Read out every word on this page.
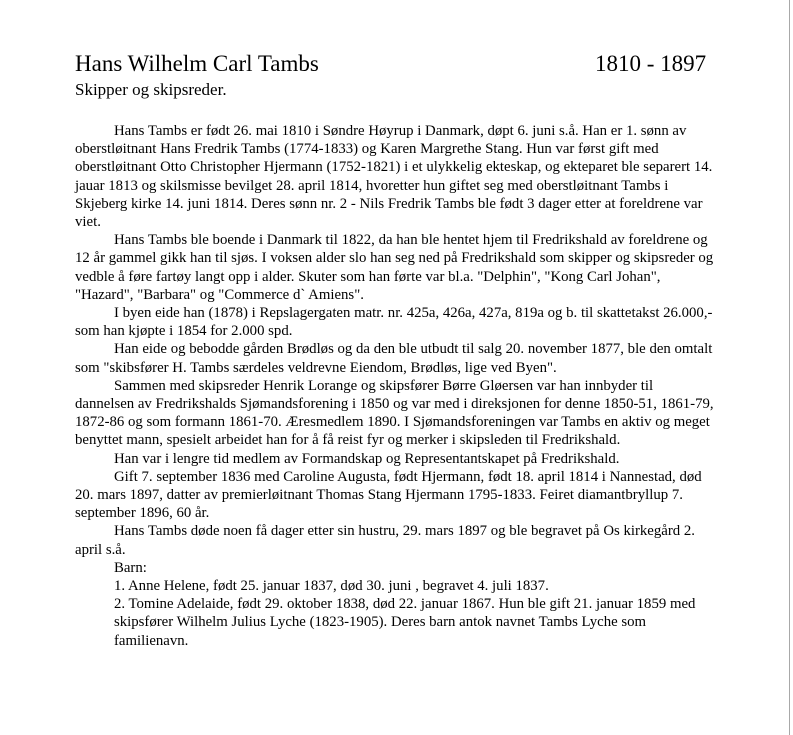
Hans Wilhelm Carl Tambs	1810 - 1897
Skipper og skipsreder.

Hans Tambs er født 26. mai 1810 i Søndre Høyrup i Danmark, døpt 6. juni s.å. Han er 1. sønn av oberstløitnant Hans Fredrik Tambs (1774-1833) og Karen Margrethe Stang. Hun var først gift med oberstløitnant Otto Christopher Hjermann (1752-1821) i et ulykkelig ekteskap, og ekteparet ble separert 14. jauar 1813 og skilsmisse bevilget 28. april 1814, hvoretter hun giftet seg med oberstløitnant Tambs i Skjeberg kirke 14. juni 1814. Deres sønn nr. 2 - Nils Fredrik Tambs ble født 3 dager etter at foreldrene var viet.

Hans Tambs ble boende i Danmark til 1822, da han ble hentet hjem til Fredrikshald av foreldrene og 12 år gammel gikk han til sjøs. I voksen alder slo han seg ned på Fredrikshald som skipper og skipsreder og vedble å føre fartøy langt opp i alder. Skuter som han førte var bl.a. "Delphin", "Kong Carl Johan", "Hazard", "Barbara" og "Commerce d` Amiens".

I byen eide han (1878) i Repslagergaten matr. nr. 425a, 426a, 427a, 819a og b. til skattetakst 26.000,- som han kjøpte i 1854 for 2.000 spd.

Han eide og bebodde gården Brødløs og da den ble utbudt til salg 20. november 1877, ble den omtalt som "skibsfører H. Tambs særdeles veldrevne Eiendom, Brødløs, lige ved Byen".

Sammen med skipsreder Henrik Lorange og skipsfører Børre Gløersen var han innbyder til dannelsen av Fredrikshalds Sjømandsforening i 1850 og var med i direksjonen for denne 1850-51, 1861-79, 1872-86 og som formann 1861-70. Æresmedlem 1890. I Sjømandsforeningen var Tambs en aktiv og meget benyttet mann, spesielt arbeidet han for å få reist fyr og merker i skipsleden til Fredrikshald.

Han var i lengre tid medlem av Formandskap og Representantskapet på Fredrikshald.

Gift 7. september 1836 med Caroline Augusta, født Hjermann, født 18. april 1814 i Nannestad, død 20. mars 1897, datter av premierløitnant Thomas Stang Hjermann 1795-1833. Feiret diamantbryllup 7. september 1896, 60 år.

Hans Tambs døde noen få dager etter sin hustru, 29. mars 1897 og ble begravet på Os kirkegård 2. april s.å.

Barn:

1. Anne Helene, født 25. januar 1837, død 30. juni , begravet 4. juli 1837.

2. Tomine Adelaide, født 29. oktober 1838, død 22. januar 1867. Hun ble gift 21. januar 1859 med skipsfører Wilhelm Julius Lyche (1823-1905). Deres barn antok navnet Tambs Lyche som familienavn.
